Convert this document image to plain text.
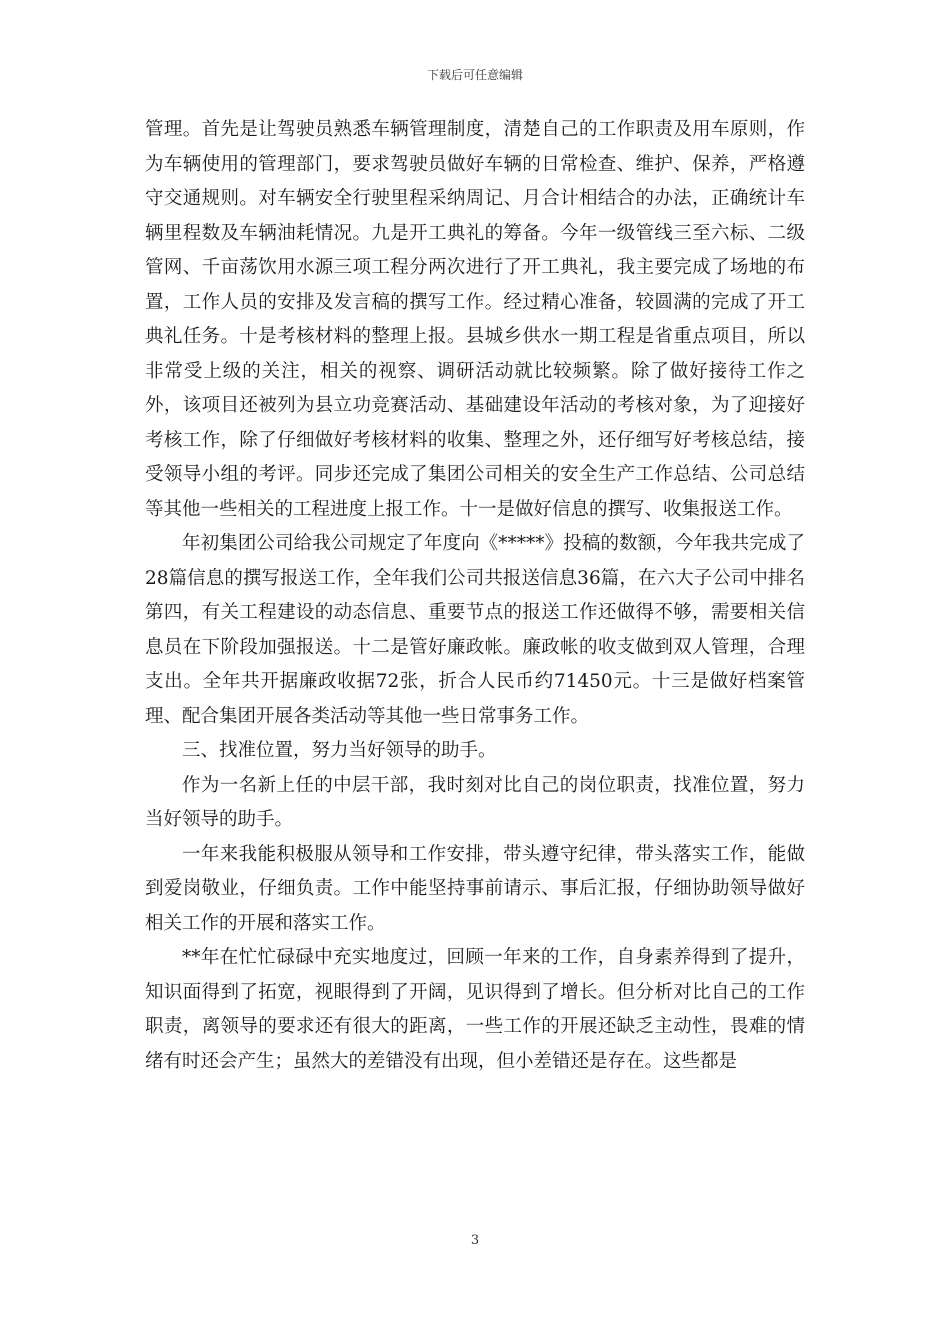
下载后可任意编辑

管理。首先是让驾驶员熟悉车辆管理制度，清楚自己的工作职责及用车原则，作为车辆使用的管理部门，要求驾驶员做好车辆的日常检查、维护、保养，严格遵守交通规则。对车辆安全行驶里程采纳周记、月合计相结合的办法，正确统计车辆里程数及车辆油耗情况。九是开工典礼的筹备。今年一级管线三至六标、二级管网、千亩荡饮用水源三项工程分两次进行了开工典礼，我主要完成了场地的布置，工作人员的安排及发言稿的撰写工作。经过精心准备，较圆满的完成了开工典礼任务。十是考核材料的整理上报。县城乡供水一期工程是省重点项目，所以非常受上级的关注，相关的视察、调研活动就比较频繁。除了做好接待工作之外，该项目还被列为县立功竞赛活动、基础建设年活动的考核对象，为了迎接好考核工作，除了仔细做好考核材料的收集、整理之外，还仔细写好考核总结，接受领导小组的考评。同步还完成了集团公司相关的安全生产工作总结、公司总结等其他一些相关的工程进度上报工作。十一是做好信息的撰写、收集报送工作。

年初集团公司给我公司规定了年度向《*****》投稿的数额，今年我共完成了28篇信息的撰写报送工作，全年我们公司共报送信息36篇，在六大子公司中排名第四，有关工程建设的动态信息、重要节点的报送工作还做得不够，需要相关信息员在下阶段加强报送。十二是管好廉政帐。廉政帐的收支做到双人管理，合理支出。全年共开据廉政收据72张，折合人民币约71450元。十三是做好档案管理、配合集团开展各类活动等其他一些日常事务工作。

三、找准位置，努力当好领导的助手。

作为一名新上任的中层干部，我时刻对比自己的岗位职责，找准位置，努力当好领导的助手。

一年来我能积极服从领导和工作安排，带头遵守纪律，带头落实工作，能做到爱岗敬业，仔细负责。工作中能坚持事前请示、事后汇报，仔细协助领导做好相关工作的开展和落实工作。

**年在忙忙碌碌中充实地度过，回顾一年来的工作，自身素养得到了提升，知识面得到了拓宽，视眼得到了开阔，见识得到了增长。但分析对比自己的工作职责，离领导的要求还有很大的距离，一些工作的开展还缺乏主动性，畏难的情绪有时还会产生；虽然大的差错没有出现，但小差错还是存在。这些都是

3
